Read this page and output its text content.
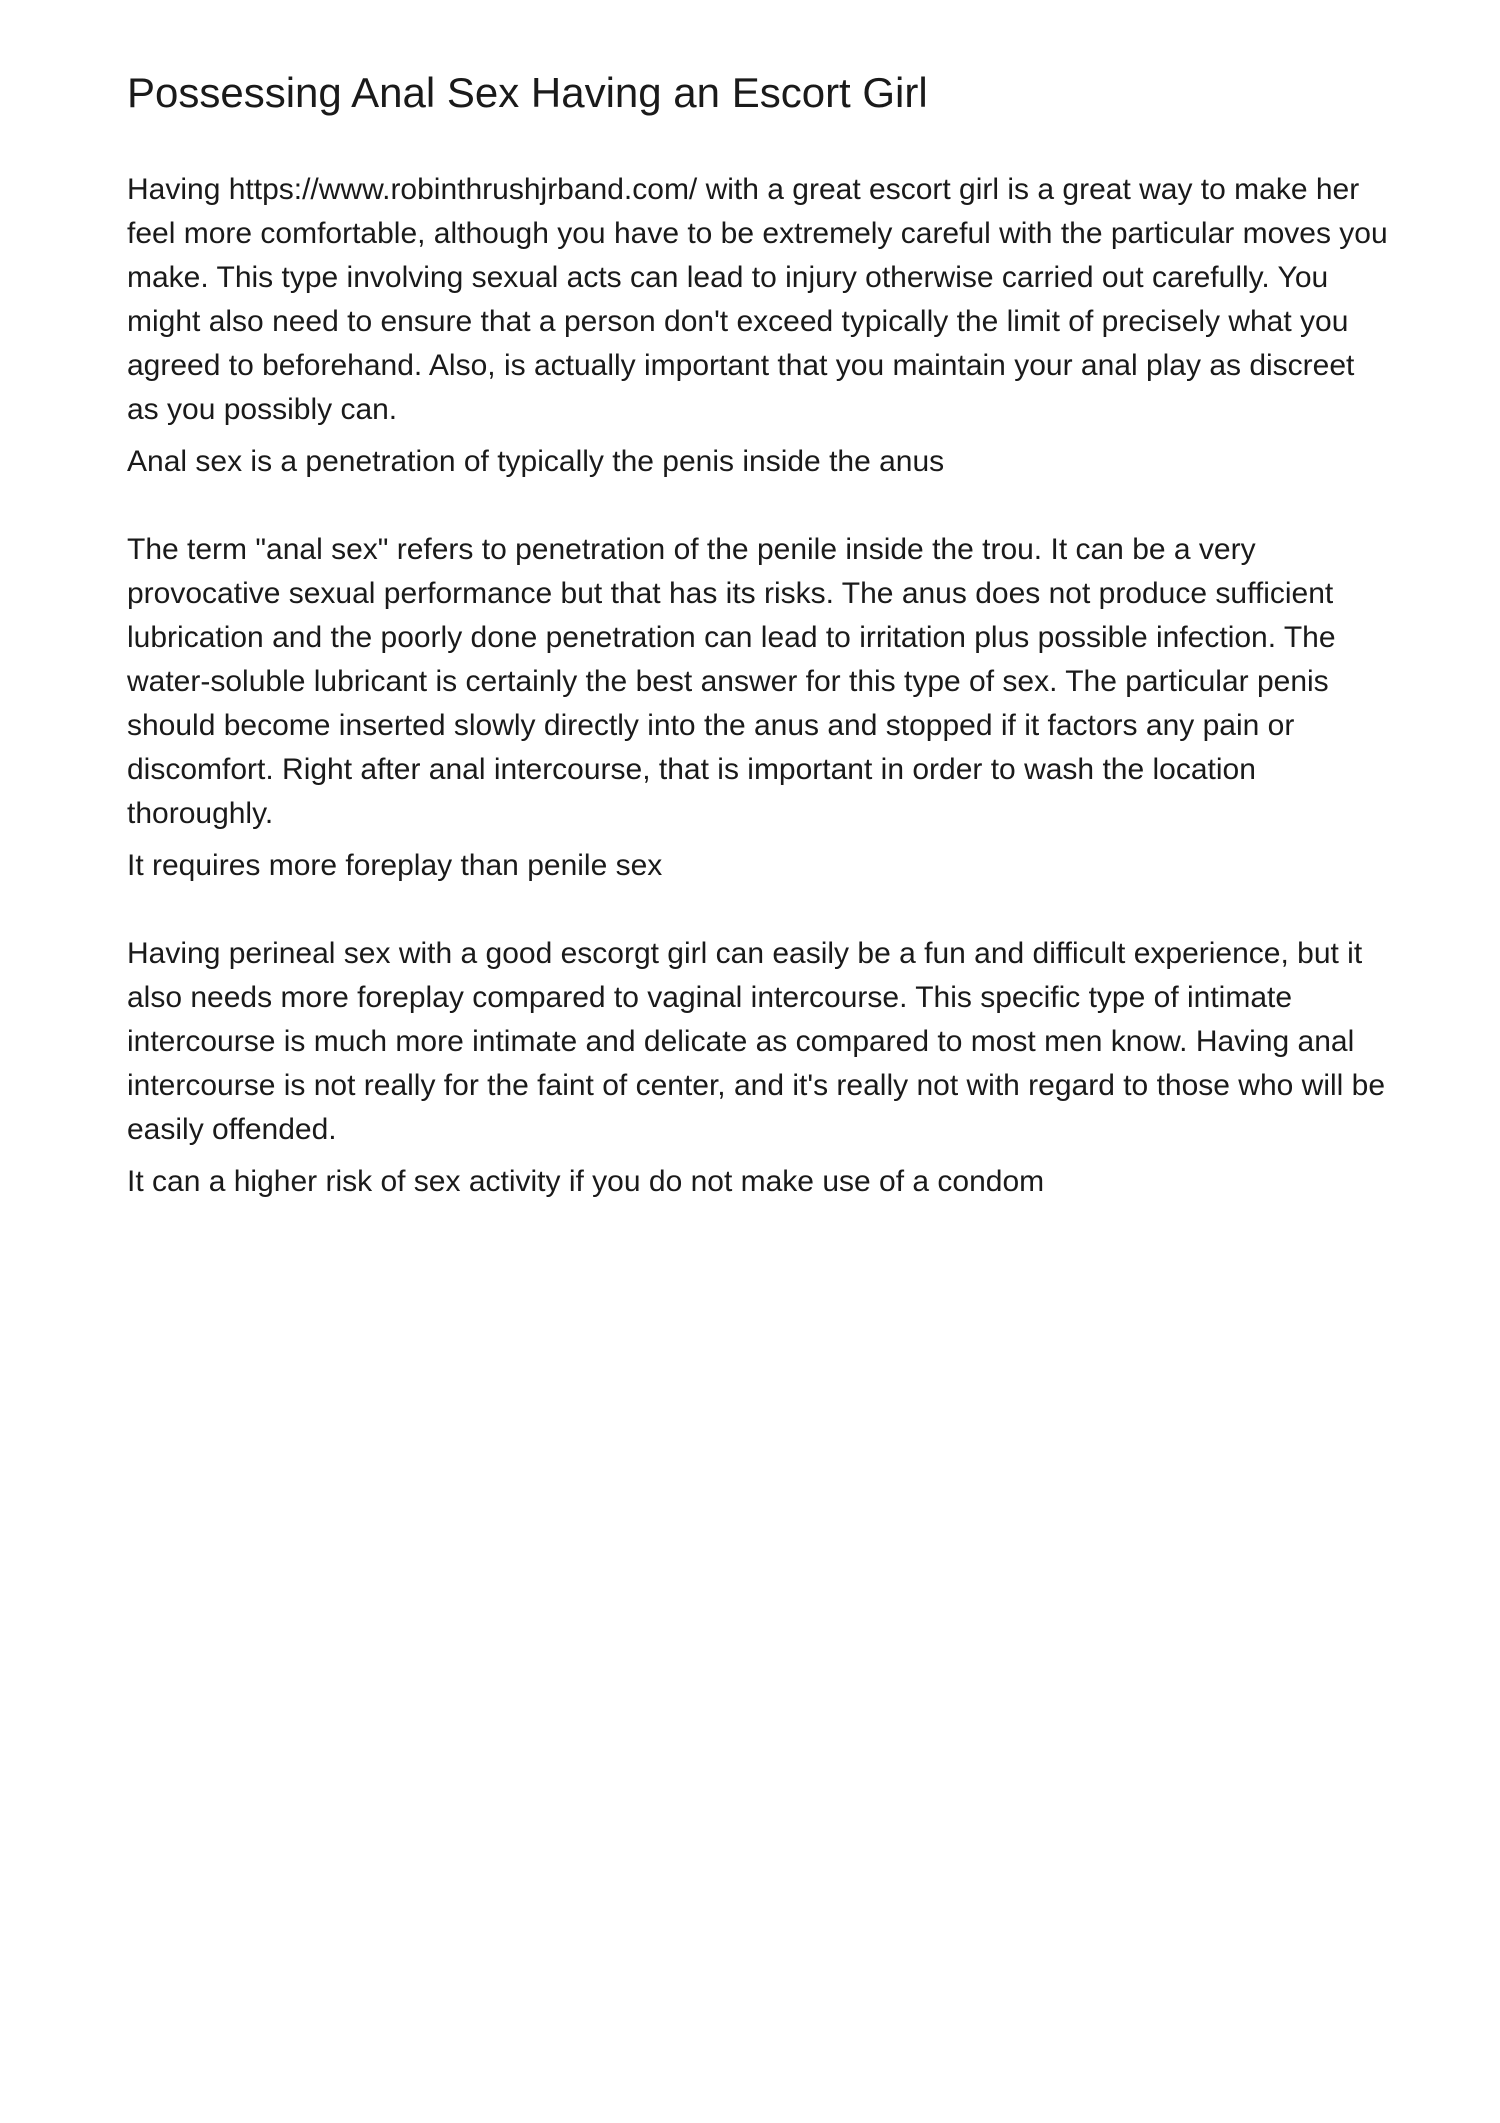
Possessing Anal Sex Having an Escort Girl

Having https://www.robinthrushjrband.com/ with a great escort girl is a great way to make her feel more comfortable, although you have to be extremely careful with the particular moves you make. This type involving sexual acts can lead to injury otherwise carried out carefully. You might also need to ensure that a person don't exceed typically the limit of precisely what you agreed to beforehand. Also, is actually important that you maintain your anal play as discreet as you possibly can.

Anal sex is a penetration of typically the penis inside the anus

The term "anal sex" refers to penetration of the penile inside the trou. It can be a very provocative sexual performance but that has its risks. The anus does not produce sufficient lubrication and the poorly done penetration can lead to irritation plus possible infection. The water-soluble lubricant is certainly the best answer for this type of sex. The particular penis should become inserted slowly directly into the anus and stopped if it factors any pain or discomfort. Right after anal intercourse, that is important in order to wash the location thoroughly.

It requires more foreplay than penile sex

Having perineal sex with a good escorgt girl can easily be a fun and difficult experience, but it also needs more foreplay compared to vaginal intercourse. This specific type of intimate intercourse is much more intimate and delicate as compared to most men know. Having anal intercourse is not really for the faint of center, and it's really not with regard to those who will be easily offended.

It can a higher risk of sex activity if you do not make use of a condom
